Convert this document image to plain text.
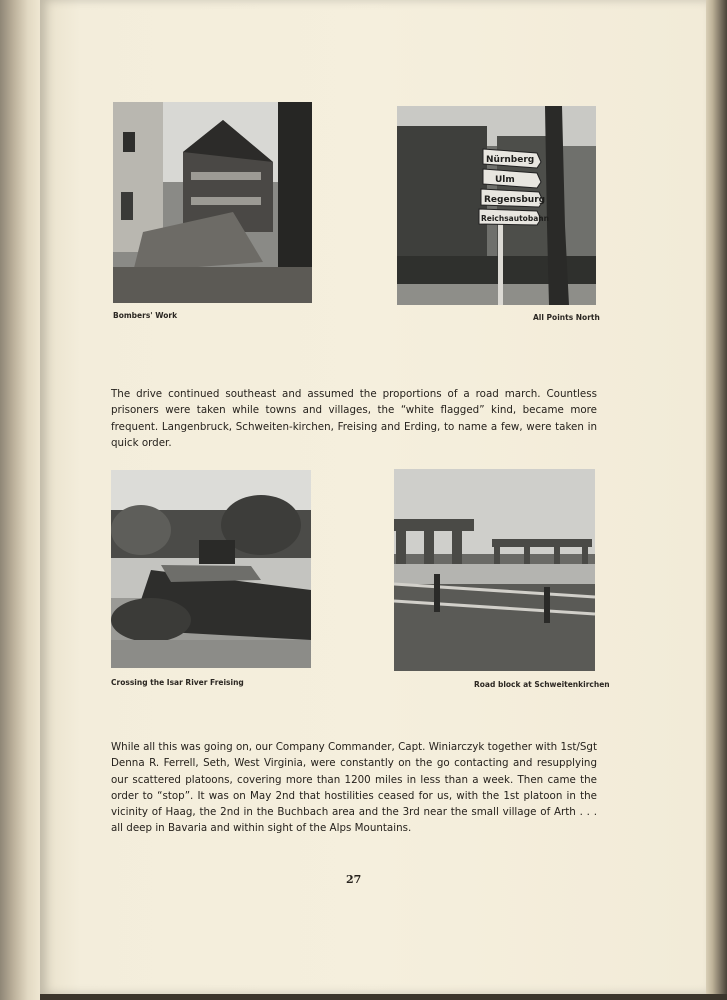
Bombers' Work
Nürnberg
Ulm
Regensburg
Reichsautobahn
All Points North

The drive continued southeast and assumed the proportions of a road march. Countless prisoners were taken while towns and villages, the “white flagged” kind, became more frequent. Langenbruck, Schweiten-kirchen, Freising and Erding, to name a few, were taken in quick order.

Crossing the Isar River Freising	Road block at Schweitenkirchen

While all this was going on, our Company Commander, Capt. Winiarczyk together with 1st/Sgt Denna R. Ferrell, Seth, West Virginia, were constantly on the go contacting and resupplying our scattered platoons, covering more than 1200 miles in less than a week. Then came the order to “stop”. It was on May 2nd that hostilities ceased for us, with the 1st platoon in the vicinity of Haag, the 2nd in the Buchbach area and the 3rd near the small village of Arth . . . all deep in Bavaria and within sight of the Alps Mountains.

27
